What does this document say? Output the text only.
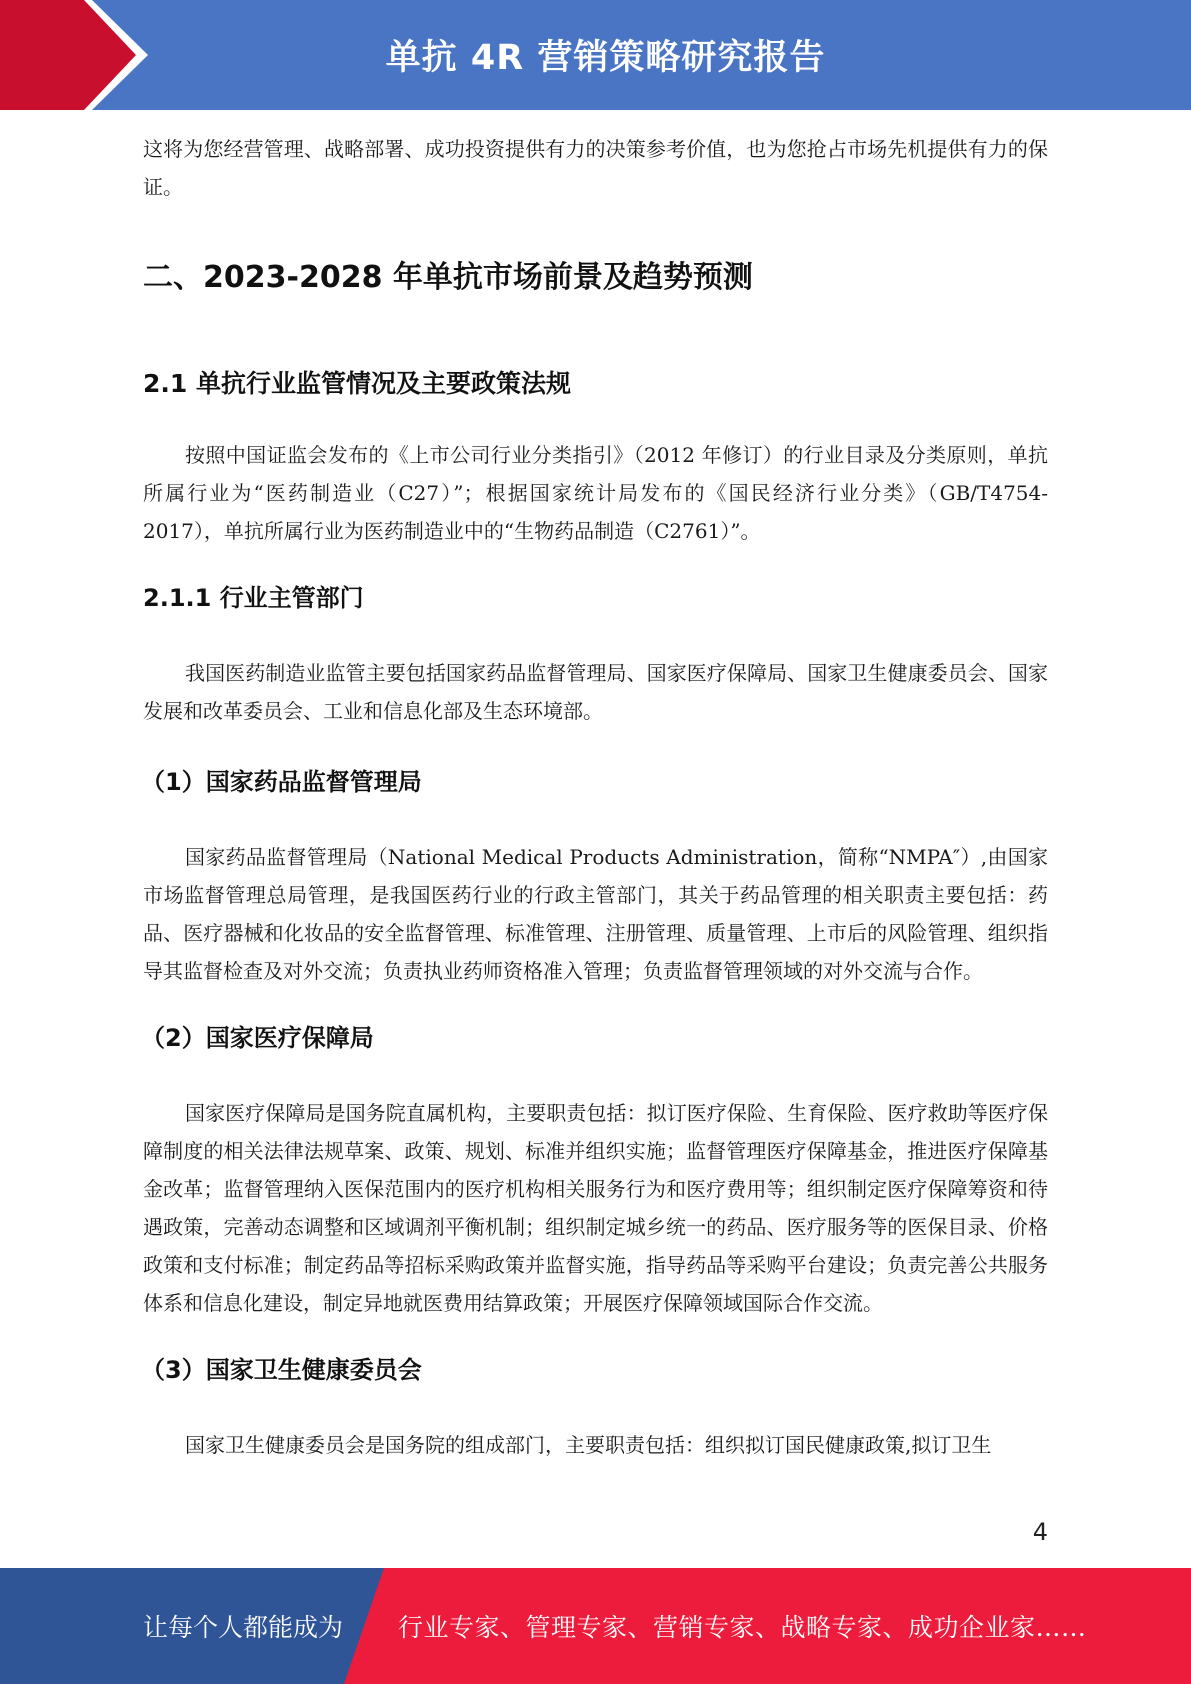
单抗 4R 营销策略研究报告

这将为您经营管理、战略部署、成功投资提供有力的决策参考价值，也为您抢占市场先机提供有力的保证。

二、2023-2028 年单抗市场前景及趋势预测
2.1 单抗行业监管情况及主要政策法规

按照中国证监会发布的《上市公司行业分类指引》（2012 年修订）的行业目录及分类原则，单抗所属行业为“医药制造业（C27）”；根据国家统计局发布的《国民经济行业分类》（GB/T4754-2017），单抗所属行业为医药制造业中的“生物药品制造（C2761）”。

2.1.1 行业主管部门

我国医药制造业监管主要包括国家药品监督管理局、国家医疗保障局、国家卫生健康委员会、国家发展和改革委员会、工业和信息化部及生态环境部。

（1）国家药品监督管理局

国家药品监督管理局（National Medical Products Administration，简称“NMPA″）,由国家市场监督管理总局管理，是我国医药行业的行政主管部门，其关于药品管理的相关职责主要包括：药品、医疗器械和化妆品的安全监督管理、标准管理、注册管理、质量管理、上市后的风险管理、组织指导其监督检查及对外交流；负责执业药师资格准入管理；负责监督管理领域的对外交流与合作。

（2）国家医疗保障局

国家医疗保障局是国务院直属机构，主要职责包括：拟订医疗保险、生育保险、医疗救助等医疗保障制度的相关法律法规草案、政策、规划、标准并组织实施；监督管理医疗保障基金，推进医疗保障基金改革；监督管理纳入医保范围内的医疗机构相关服务行为和医疗费用等；组织制定医疗保障筹资和待遇政策，完善动态调整和区域调剂平衡机制；组织制定城乡统一的药品、医疗服务等的医保目录、价格政策和支付标准；制定药品等招标采购政策并监督实施，指导药品等采购平台建设；负责完善公共服务体系和信息化建设，制定异地就医费用结算政策；开展医疗保障领域国际合作交流。

（3）国家卫生健康委员会

国家卫生健康委员会是国务院的组成部门，主要职责包括：组织拟订国民健康政策,拟订卫生

4
让每个人都能成为 行业专家、管理专家、营销专家、战略专家、成功企业家……
